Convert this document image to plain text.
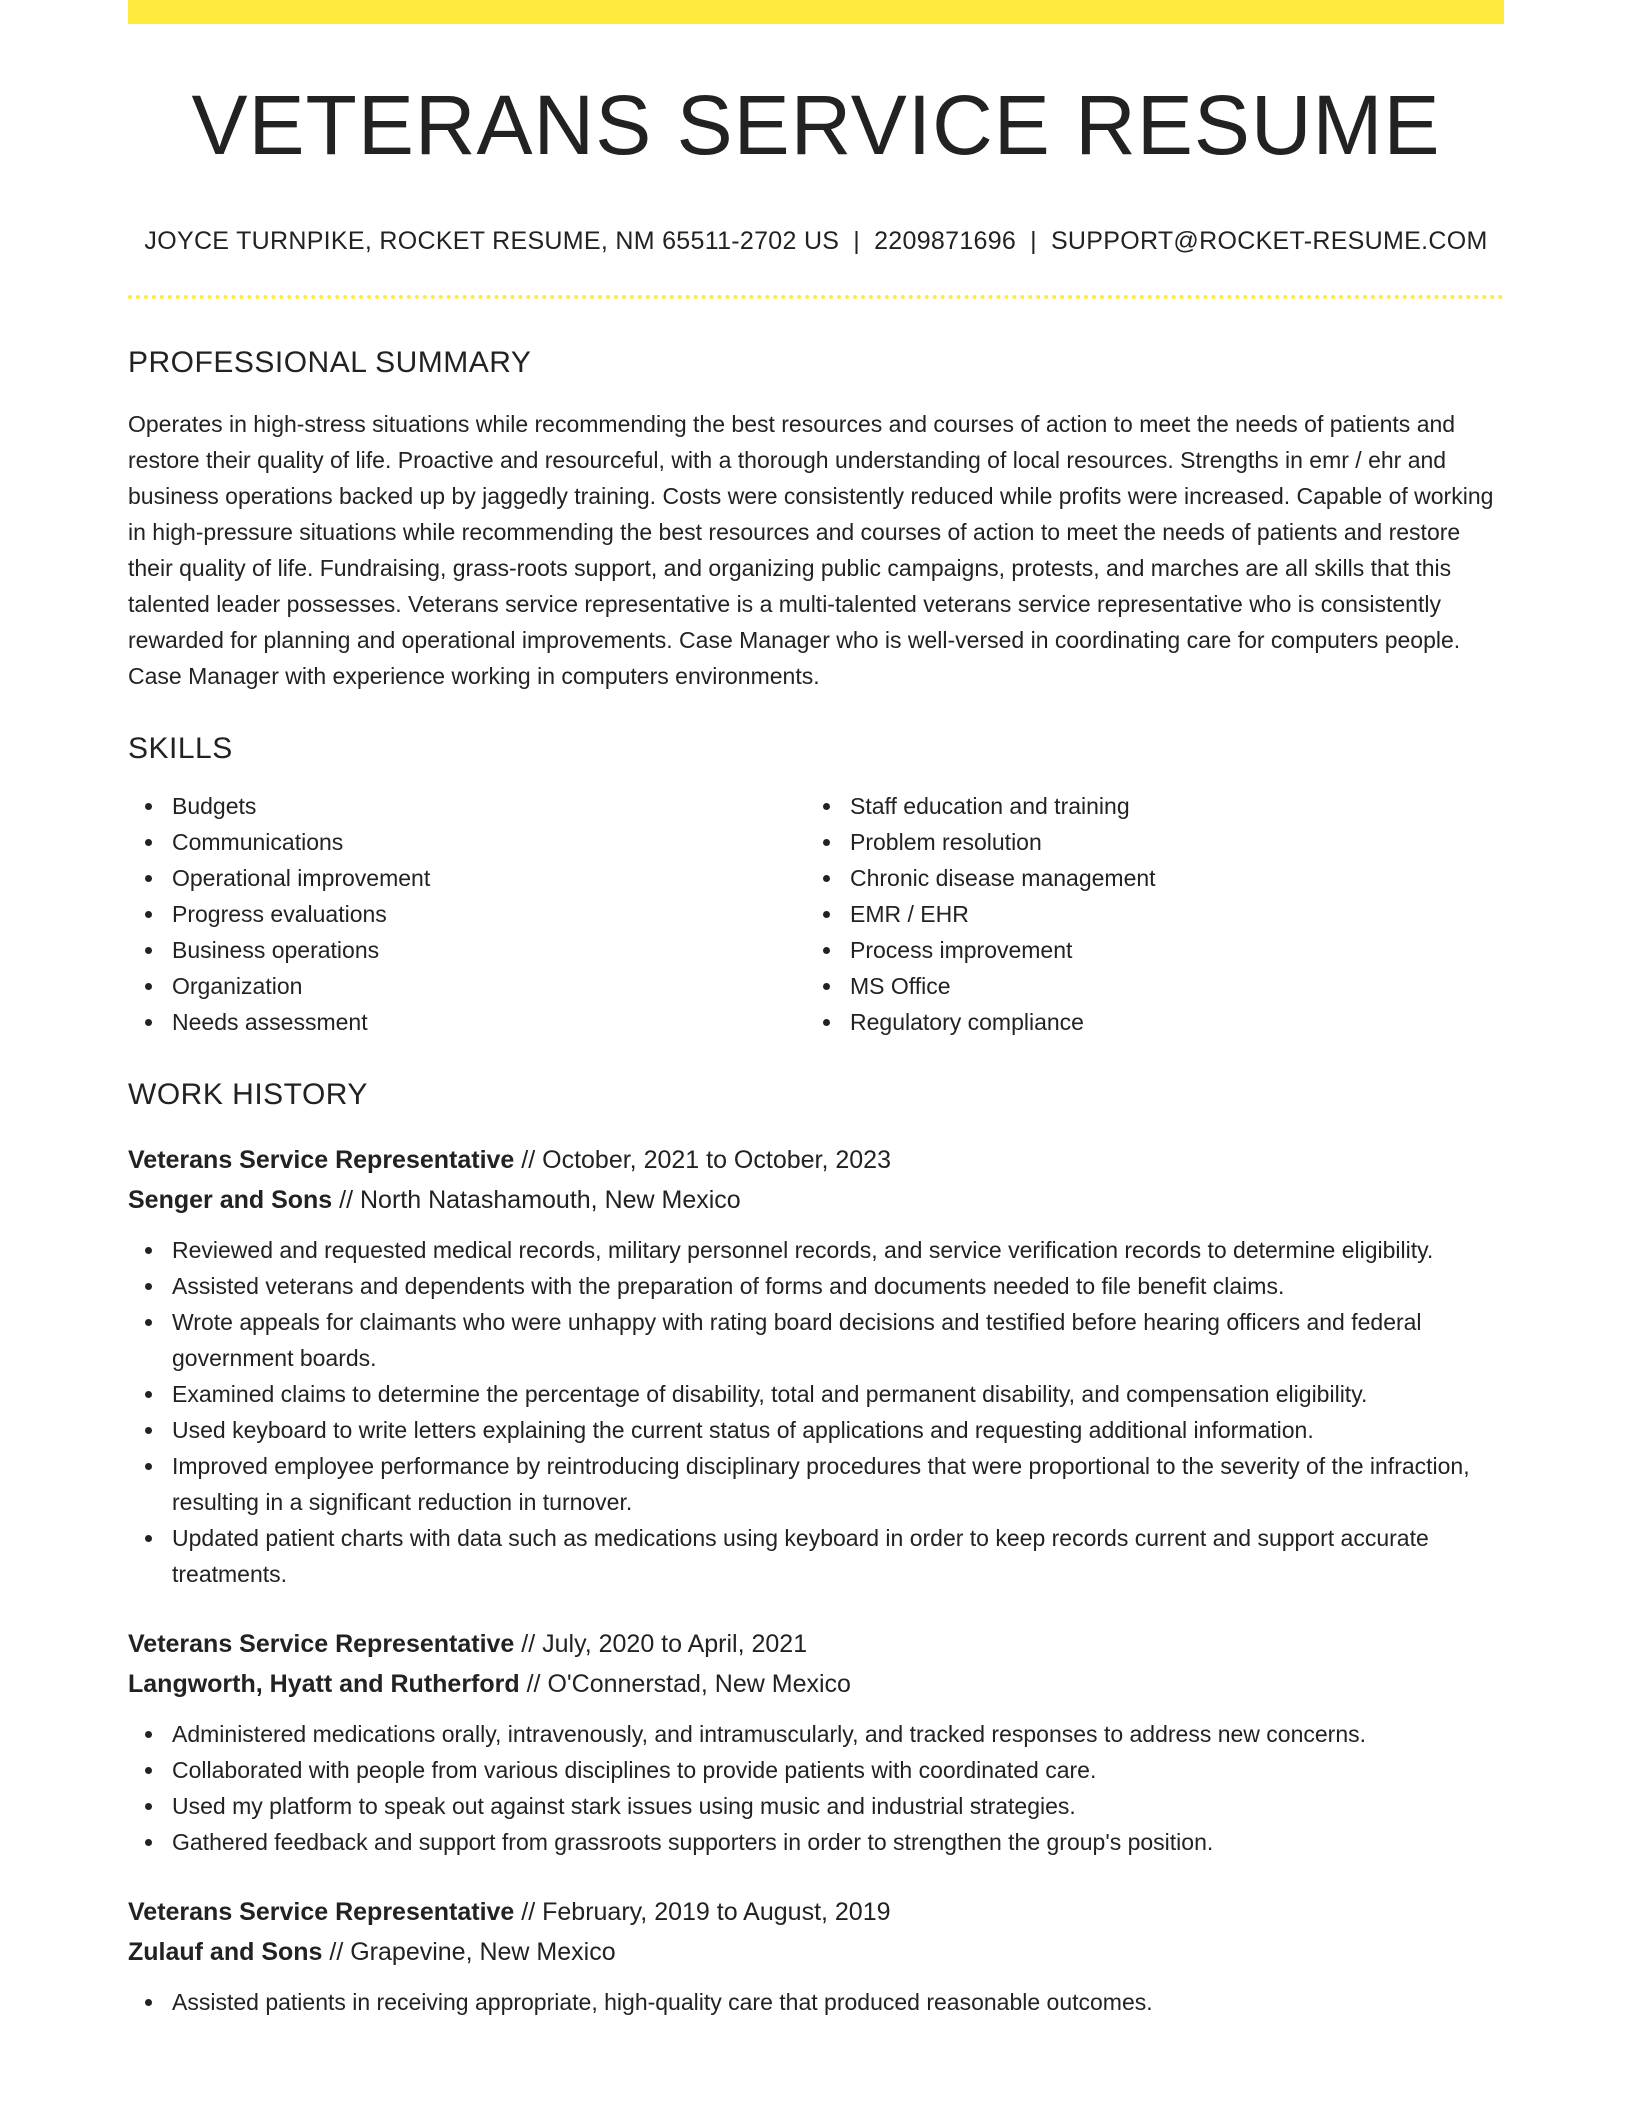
VETERANS SERVICE RESUME
JOYCE TURNPIKE, ROCKET RESUME, NM 65511-2702 US | 2209871696 | SUPPORT@ROCKET-RESUME.COM
PROFESSIONAL SUMMARY
Operates in high-stress situations while recommending the best resources and courses of action to meet the needs of patients and restore their quality of life. Proactive and resourceful, with a thorough understanding of local resources. Strengths in emr / ehr and business operations backed up by jaggedly training. Costs were consistently reduced while profits were increased. Capable of working in high-pressure situations while recommending the best resources and courses of action to meet the needs of patients and restore their quality of life. Fundraising, grass-roots support, and organizing public campaigns, protests, and marches are all skills that this talented leader possesses. Veterans service representative is a multi-talented veterans service representative who is consistently rewarded for planning and operational improvements. Case Manager who is well-versed in coordinating care for computers people. Case Manager with experience working in computers environments.
SKILLS
Budgets
Communications
Operational improvement
Progress evaluations
Business operations
Organization
Needs assessment
Staff education and training
Problem resolution
Chronic disease management
EMR / EHR
Process improvement
MS Office
Regulatory compliance
WORK HISTORY
Veterans Service Representative // October, 2021 to October, 2023
Senger and Sons // North Natashamouth, New Mexico
Reviewed and requested medical records, military personnel records, and service verification records to determine eligibility.
Assisted veterans and dependents with the preparation of forms and documents needed to file benefit claims.
Wrote appeals for claimants who were unhappy with rating board decisions and testified before hearing officers and federal government boards.
Examined claims to determine the percentage of disability, total and permanent disability, and compensation eligibility.
Used keyboard to write letters explaining the current status of applications and requesting additional information.
Improved employee performance by reintroducing disciplinary procedures that were proportional to the severity of the infraction, resulting in a significant reduction in turnover.
Updated patient charts with data such as medications using keyboard in order to keep records current and support accurate treatments.
Veterans Service Representative // July, 2020 to April, 2021
Langworth, Hyatt and Rutherford // O'Connerstad, New Mexico
Administered medications orally, intravenously, and intramuscularly, and tracked responses to address new concerns.
Collaborated with people from various disciplines to provide patients with coordinated care.
Used my platform to speak out against stark issues using music and industrial strategies.
Gathered feedback and support from grassroots supporters in order to strengthen the group's position.
Veterans Service Representative // February, 2019 to August, 2019
Zulauf and Sons // Grapevine, New Mexico
Assisted patients in receiving appropriate, high-quality care that produced reasonable outcomes.
